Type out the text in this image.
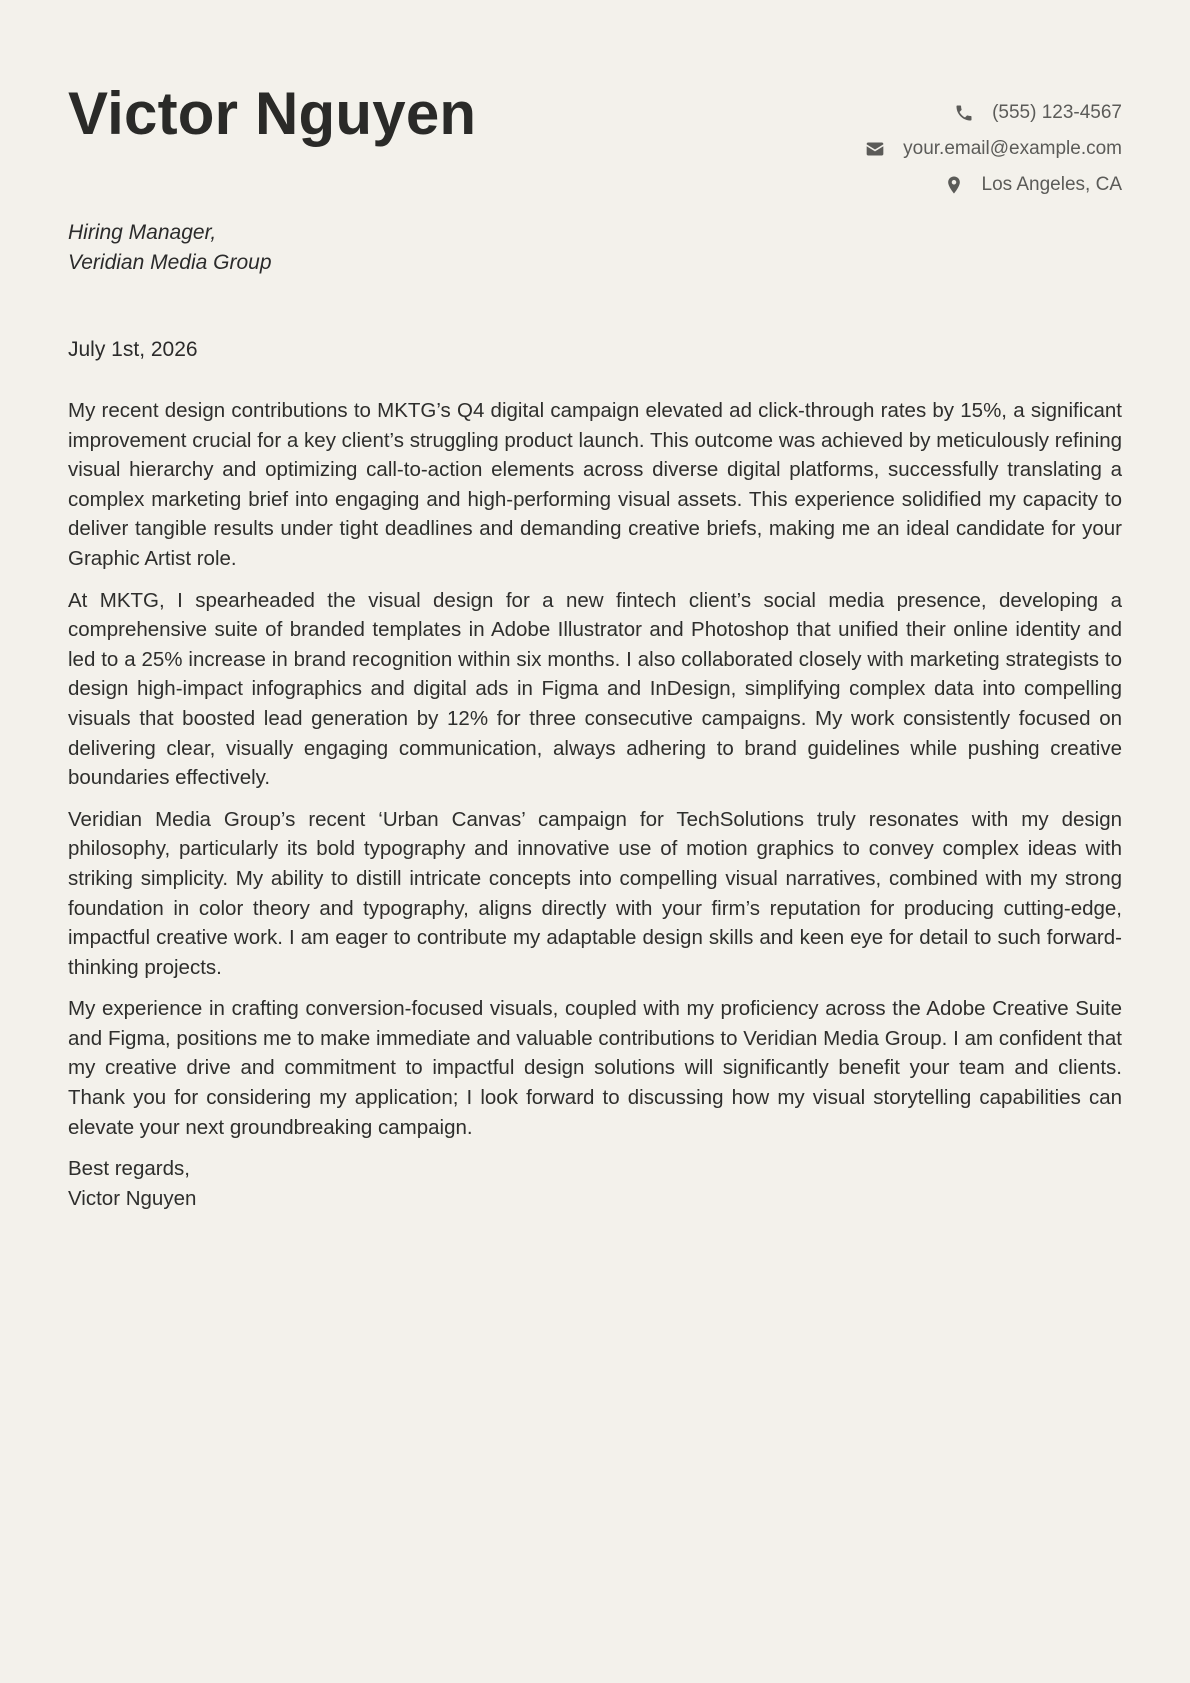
Victor Nguyen	(555) 123-4567
your.email@example.com
Los Angeles, CA
Hiring Manager,
Veridian Media Group
July 1st, 2026

My recent design contributions to MKTG’s Q4 digital campaign elevated ad click-through rates by 15%, a significant improvement crucial for a key client’s struggling product launch. This outcome was achieved by meticulously refining visual hierarchy and optimizing call-to-action elements across diverse digital platforms, successfully translating a complex marketing brief into engaging and high-performing visual assets. This experience solidified my capacity to deliver tangible results under tight deadlines and demanding creative briefs, making me an ideal candidate for your Graphic Artist role.

At MKTG, I spearheaded the visual design for a new fintech client’s social media presence, developing a comprehensive suite of branded templates in Adobe Illustrator and Photoshop that unified their online identity and led to a 25% increase in brand recognition within six months. I also collaborated closely with marketing strategists to design high-impact infographics and digital ads in Figma and InDesign, simplifying complex data into compelling visuals that boosted lead generation by 12% for three consecutive campaigns. My work consistently focused on delivering clear, visually engaging communication, always adhering to brand guidelines while pushing creative boundaries effectively.

Veridian Media Group’s recent ‘Urban Canvas’ campaign for TechSolutions truly resonates with my design philosophy, particularly its bold typography and innovative use of motion graphics to convey complex ideas with striking simplicity. My ability to distill intricate concepts into compelling visual narratives, combined with my strong foundation in color theory and typography, aligns directly with your firm’s reputation for producing cutting-edge, impactful creative work. I am eager to contribute my adaptable design skills and keen eye for detail to such forward-thinking projects.

My experience in crafting conversion-focused visuals, coupled with my proficiency across the Adobe Creative Suite and Figma, positions me to make immediate and valuable contributions to Veridian Media Group. I am confident that my creative drive and commitment to impactful design solutions will significantly benefit your team and clients. Thank you for considering my application; I look forward to discussing how my visual storytelling capabilities can elevate your next groundbreaking campaign.

Best regards,
Victor Nguyen
